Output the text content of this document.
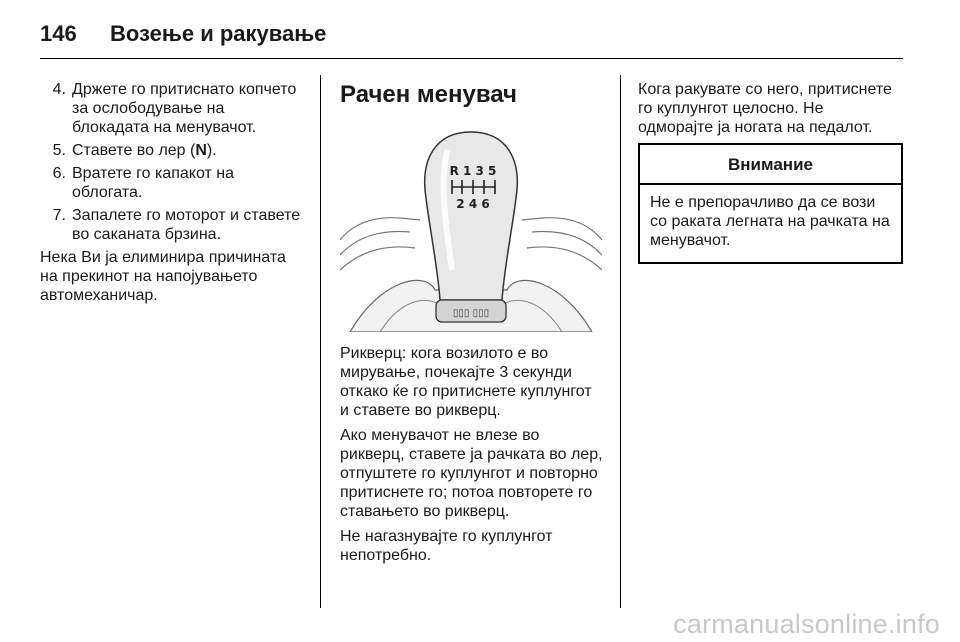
146	Возење и ракување
4. Држете го притиснато копчето за ослободување на блокадата на менувачот.
5. Ставете во лер (N).
6. Вратете го капакот на облогата.
7. Запалете го моторот и ставете во саканата брзина.

Нека Ви ја елиминира причината на прекинот на напојувањето автомеханичар.

Рачен менувач
▯▯▯ ▯▯▯
R 1 3 5
2 4 6

Рикверц: кога возилото е во мирување, почекајте 3 секунди откако ќе го притиснете куплунгот и ставете во рикверц.

Ако менувачот не влезе во рикверц, ставете ја рачката во лер, отпуштете го куплунгот и повторно притиснете го; потоа повторете го ставањето во рикверц.

Не нагазнувајте го куплунгот непотребно.

Кога ракувате со него, притиснете го куплунгот целосно. Не одморајте ја ногата на педалот.

Внимание
Не е препорачливо да се вози со раката легната на рачката на менувачот.
carmanualsonline.info
